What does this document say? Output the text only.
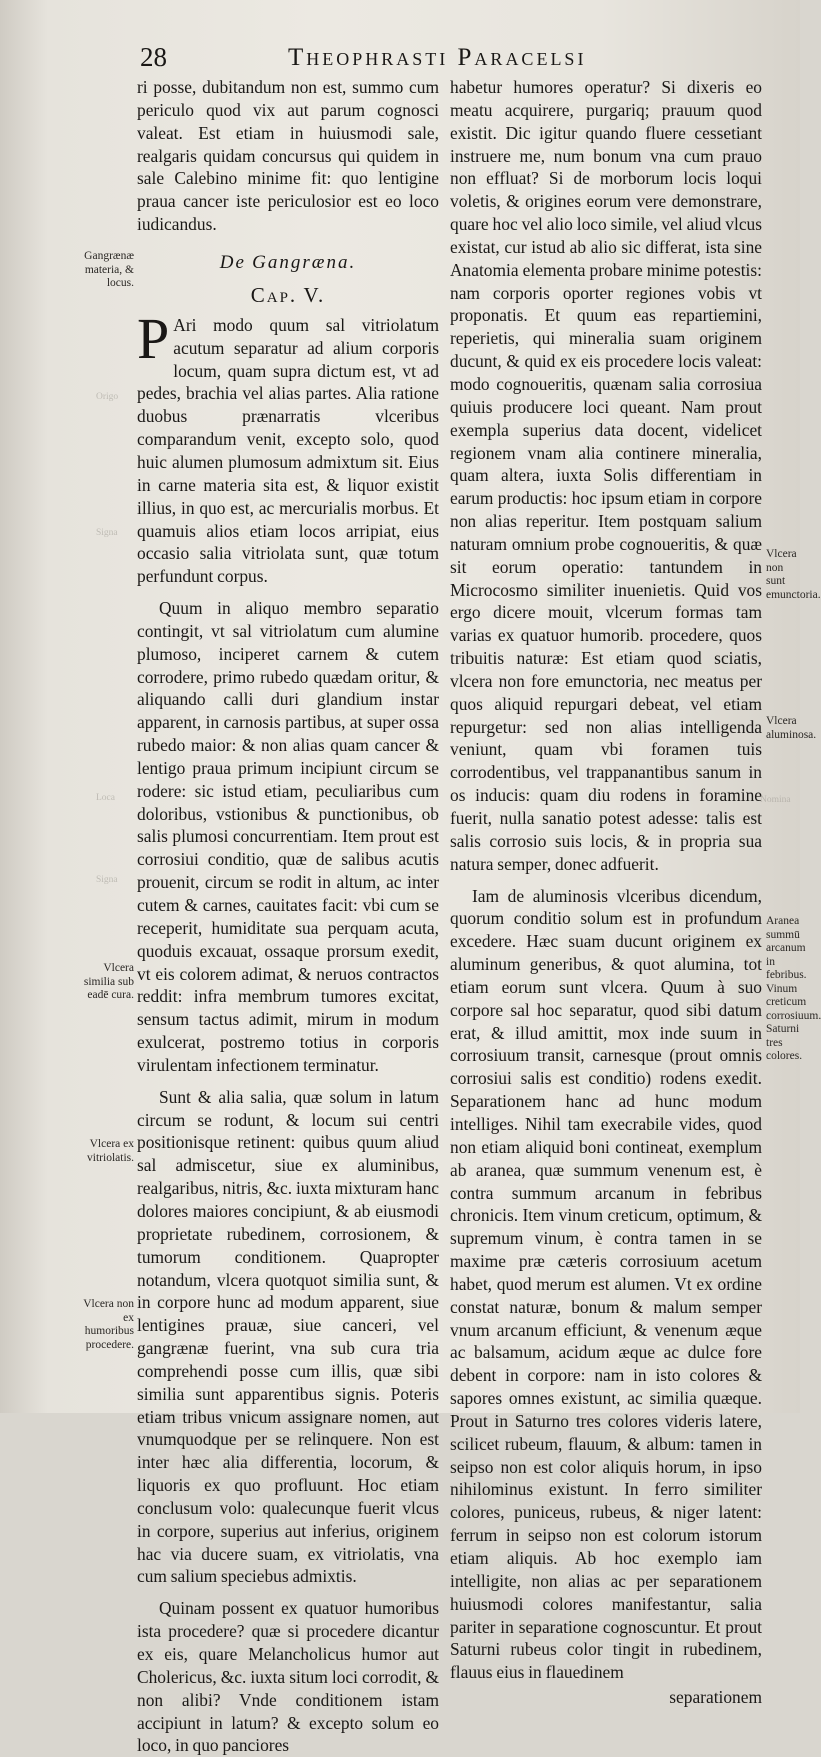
28	Theophrasti Paracelsi

ri posse, dubitandum non est, summo cum periculo quod vix aut parum cognosci valeat. Est etiam in huiusmodi sale, realgaris quidam concursus qui quidem in sale Calebino minime fit: quo lentigine praua cancer iste periculosior est eo loco iudicandus.

De Gangræna.

Cap. V.

P Ari modo quum sal vitriolatum acutum separatur ad alium corporis locum, quam supra dictum est, vt ad pedes, brachia vel alias partes. Alia ratione duobus prænarratis vlceribus comparandum venit, excepto solo, quod huic alumen plumosum admixtum sit. Eius in carne materia sita est, & liquor existit illius, in quo est, ac mercurialis morbus. Et quamuis alios etiam locos arripiat, eius occasio salia vitriolata sunt, quæ totum perfundunt corpus.

Quum in aliquo membro separatio contingit, vt sal vitriolatum cum alumine plumoso, inciperet carnem & cutem corrodere, primo rubedo quædam oritur, & aliquando calli duri glandium instar apparent, in carnosis partibus, at super ossa rubedo maior: & non alias quam cancer & lentigo praua primum incipiunt circum se rodere: sic istud etiam, peculiaribus cum doloribus, vstionibus & punctionibus, ob salis plumosi concurrentiam. Item prout est corrosiui conditio, quæ de salibus acutis prouenit, circum se rodit in altum, ac inter cutem & carnes, cauitates facit: vbi cum se receperit, humiditate sua perquam acuta, quoduis excauat, ossaque prorsum exedit, vt eis colorem adimat, & neruos contractos reddit: infra membrum tumores excitat, sensum tactus adimit, mirum in modum exulcerat, postremo totius in corporis virulentam infectionem terminatur.

Sunt & alia salia, quæ solum in latum circum se rodunt, & locum sui centri positionisque retinent: quibus quum aliud sal admiscetur, siue ex aluminibus, realgaribus, nitris, &c. iuxta mixturam hanc dolores maiores concipiunt, & ab eiusmodi proprietate rubedinem, corrosionem, & tumorum conditionem. Quapropter notandum, vlcera quotquot similia sunt, & in corpore hunc ad modum apparent, siue lentigines prauæ, siue canceri, vel gangrænæ fuerint, vna sub cura tria comprehendi posse cum illis, quæ sibi similia sunt apparentibus signis. Poteris etiam tribus vnicum assignare nomen, aut vnumquodque per se relinquere. Non est inter hæc alia differentia, locorum, & liquoris ex quo profluunt. Hoc etiam conclusum volo: qualecunque fuerit vlcus in corpore, superius aut inferius, originem hac via ducere suam, ex vitriolatis, vna cum salium speciebus admixtis.

Quinam possent ex quatuor humoribus ista procedere? quæ si procedere dicantur ex eis, quare Melancholicus humor aut Cholericus, &c. iuxta situm loci corrodit, & non alibi? Vnde conditionem istam accipiunt in latum? & excepto solum eo loco, in quo panciores

habetur humores operatur? Si dixeris eo meatu acquirere, purgariq; prauum quod existit. Dic igitur quando fluere cessetiant instruere me, num bonum vna cum prauo non effluat? Si de morborum locis loqui voletis, & origines eorum vere demonstrare, quare hoc vel alio loco simile, vel aliud vlcus existat, cur istud ab alio sic differat, ista sine Anatomia elementa probare minime potestis: nam corporis oporter regiones vobis vt proponatis. Et quum eas repartiemini, reperietis, qui mineralia suam originem ducunt, & quid ex eis procedere locis valeat: modo cognoueritis, quænam salia corrosiua quiuis producere loci queant. Nam prout exempla superius data docent, videlicet regionem vnam alia continere mineralia, quam altera, iuxta Solis differentiam in earum productis: hoc ipsum etiam in corpore non alias reperitur. Item postquam salium naturam omnium probe cognoueritis, & quæ sit eorum operatio: tantundem in Microcosmo similiter inuenietis. Quid vos ergo dicere mouit, vlcerum formas tam varias ex quatuor humorib. procedere, quos tribuitis naturæ: Est etiam quod sciatis, vlcera non fore emunctoria, nec meatus per quos aliquid repurgari debeat, vel etiam repurgetur: sed non alias intelligenda veniunt, quam vbi foramen tuis corrodentibus, vel trappanantibus sanum in os inducis: quam diu rodens in foramine fuerit, nulla sanatio potest adesse: talis est salis corrosio suis locis, & in propria sua natura semper, donec adfuerit.

Iam de aluminosis vlceribus dicendum, quorum conditio solum est in profundum excedere. Hæc suam ducunt originem ex aluminum generibus, & quot alumina, tot etiam eorum sunt vlcera. Quum à suo corpore sal hoc separatur, quod sibi datum erat, & illud amittit, mox inde suum in corrosiuum transit, carnesque (prout omnis corrosiui salis est conditio) rodens exedit. Separationem hanc ad hunc modum intelliges. Nihil tam execrabile vides, quod non etiam aliquid boni contineat, exemplum ab aranea, quæ summum venenum est, è contra summum arcanum in febribus chronicis. Item vinum creticum, optimum, & supremum vinum, è contra tamen in se maxime præ cæteris corrosiuum acetum habet, quod merum est alumen. Vt ex ordine constat naturæ, bonum & malum semper vnum arcanum efficiunt, & venenum æque ac balsamum, acidum æque ac dulce fore debent in corpore: nam in isto colores & sapores omnes existunt, ac similia quæque. Prout in Saturno tres colores videris latere, scilicet rubeum, flauum, & album: tamen in seipso non est color aliquis horum, in ipso nihilominus existunt. In ferro similiter colores, puniceus, rubeus, & niger latent: ferrum in seipso non est colorum istorum etiam aliquis. Ab hoc exemplo iam intelligite, non alias ac per separationem huiusmodi colores manifestantur, salia pariter in separatione cognoscuntur. Et prout Saturni rubeus color tingit in rubedinem, flauus eius in flauedinem

separationem

Gangrænæ materia, & locus.
Vlcera similia sub eadē cura.
Vlcera ex vitriolatis.
Vlcera non ex humoribus procedere.
Vlcera non sunt emunctoria.
Vlcera aluminosa.
Aranea summū arcanum in febribus. Vinum creticum corrosiuum. Saturni tres colores.
Origo
Signa
Loca
Signa
Nomina
